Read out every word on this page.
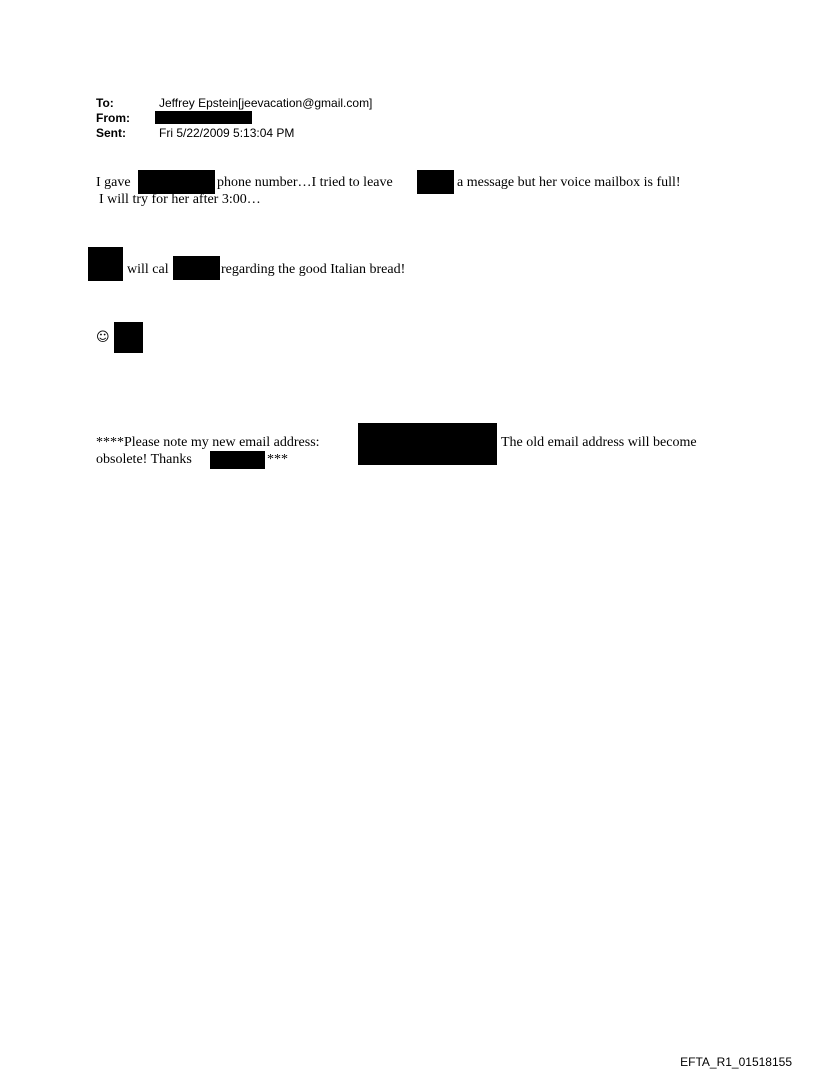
To:	Jeffrey Epstein[jeevacation@gmail.com]
From:
Sent:	Fri 5/22/2009 5:13:04 PM
I gave	phone number…I tried to leave	a message but her voice mailbox is full!
I will try for her after 3:00…
will cal	regarding the good Italian bread!
☺
****Please note my new email address:	The old email address will become
obsolete! Thanks	***
EFTA_R1_01518155
